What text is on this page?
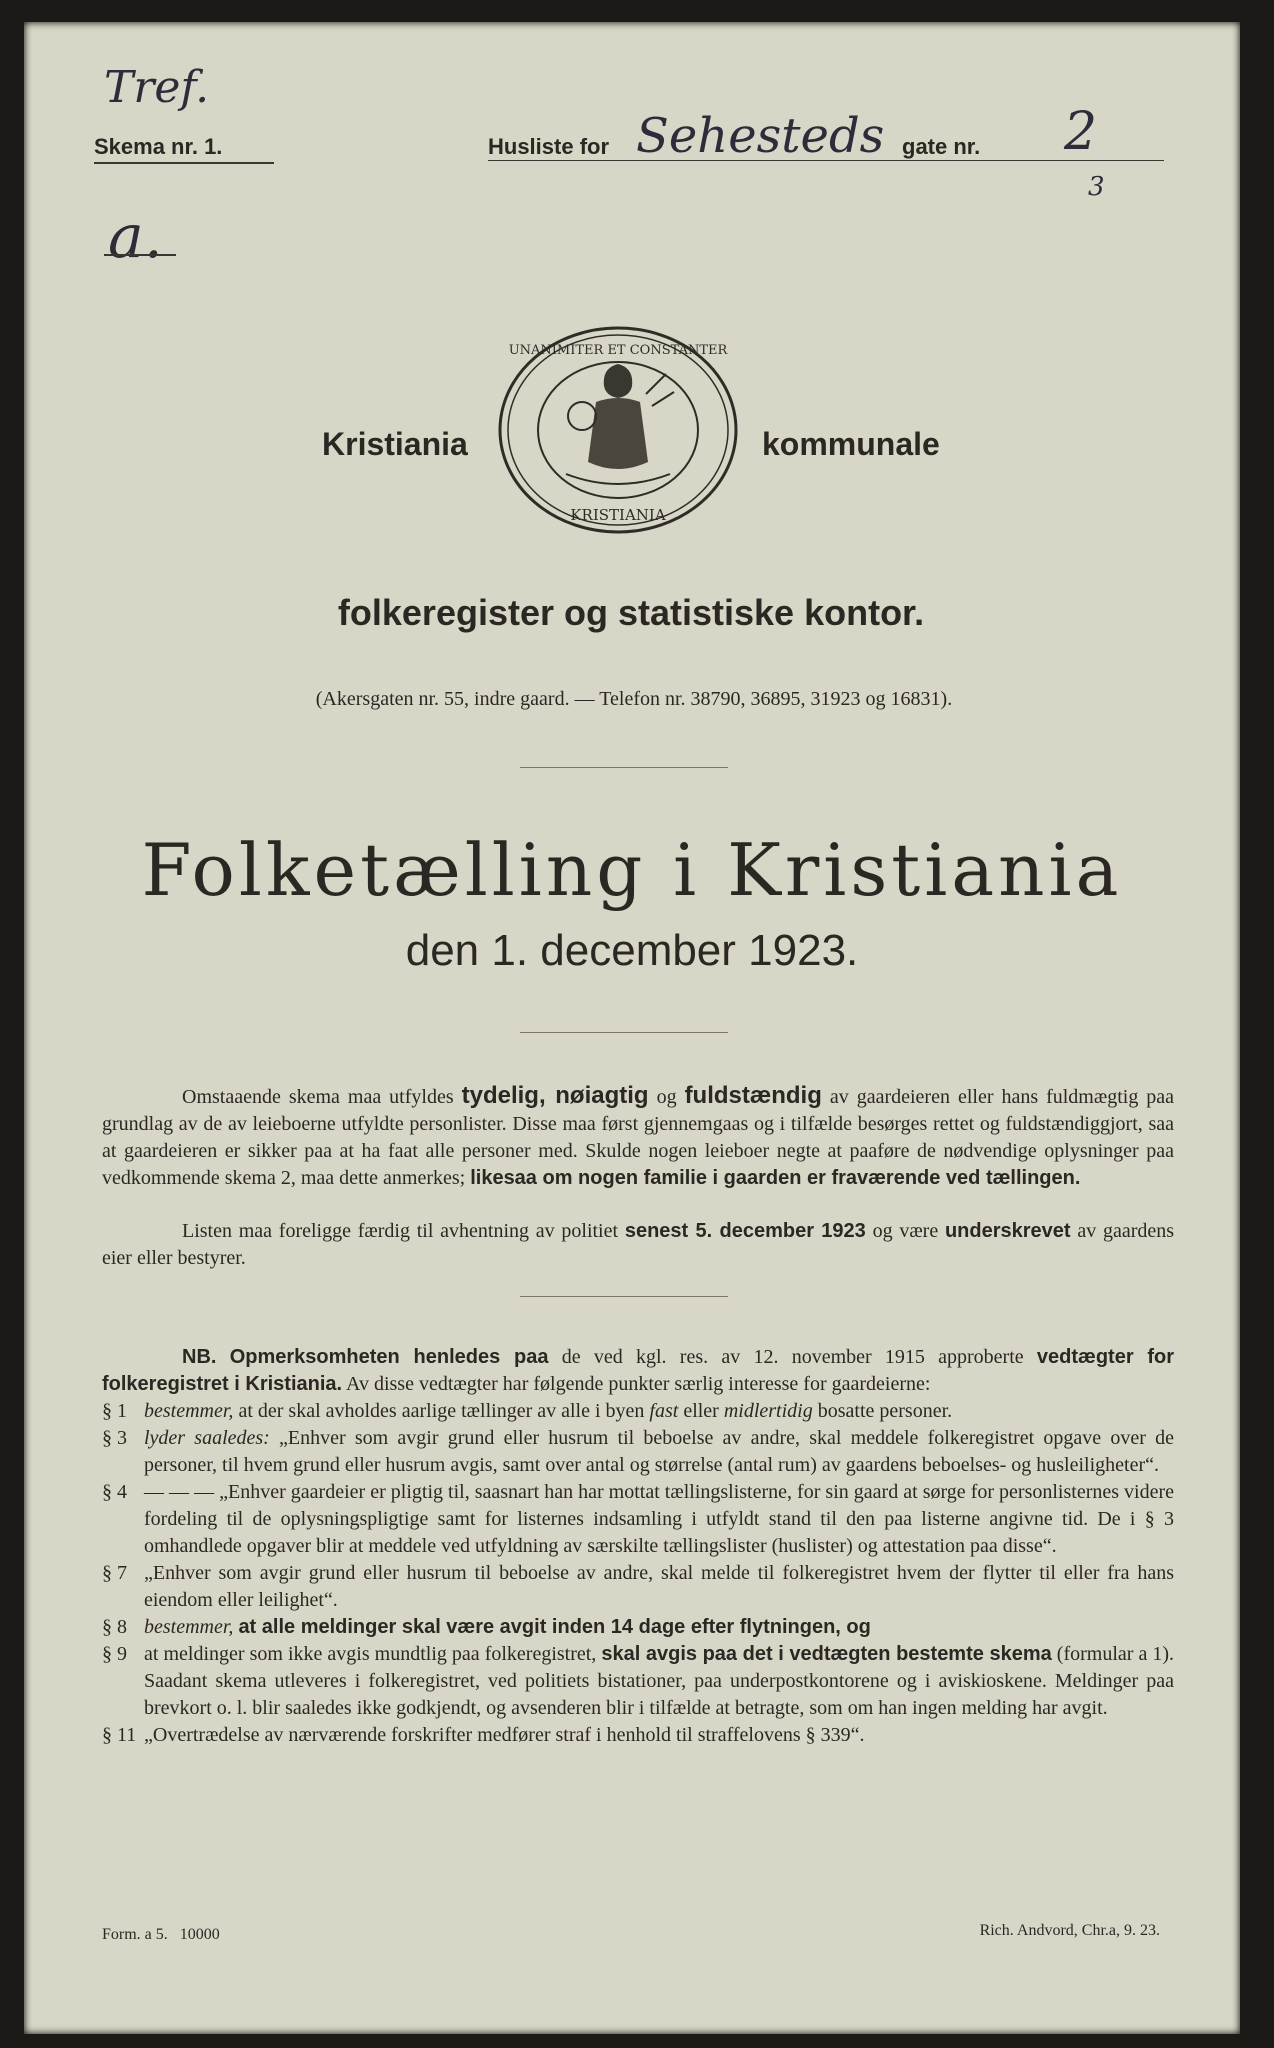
Tref.
a.
Skema nr. 1.	Husliste for Sehesteds gate nr. 2
3
Kristiania	kommunale
UNANIMITER ET CONSTANTER
KRISTIANIA
folkeregister og statistiske kontor.
(Akersgaten nr. 55, indre gaard. — Telefon nr. 38790, 36895, 31923 og 16831).
Folketælling i Kristiania
den 1. december 1923.
Omstaaende skema maa utfyldes tydelig, nøiagtig og fuldstændig av gaardeieren eller hans fuldmægtig paa grundlag av de av leieboerne utfyldte personlister. Disse maa først gjennemgaas og i tilfælde besørges rettet og fuldstændiggjort, saa at gaardeieren er sikker paa at ha faat alle personer med. Skulde nogen leieboer negte at paaføre de nødvendige oplysninger paa vedkommende skema 2, maa dette anmerkes; likesaa om nogen familie i gaarden er fraværende ved tællingen.
Listen maa foreligge færdig til avhentning av politiet senest 5. december 1923 og være underskrevet av gaardens eier eller bestyrer.
NB. Opmerksomheten henledes paa de ved kgl. res. av 12. november 1915 approberte vedtægter for folkeregistret i Kristiania. Av disse vedtægter har følgende punkter særlig interesse for gaardeierne:
§ 1 bestemmer, at der skal avholdes aarlige tællinger av alle i byen fast eller midlertidig bosatte personer.
§ 3 lyder saaledes: „Enhver som avgir grund eller husrum til beboelse av andre, skal meddele folkeregistret opgave over de personer, til hvem grund eller husrum avgis, samt over antal og størrelse (antal rum) av gaardens beboelses- og husleiligheter“.
§ 4 — — — „Enhver gaardeier er pligtig til, saasnart han har mottat tællingslisterne, for sin gaard at sørge for personlisternes videre fordeling til de oplysningspligtige samt for listernes indsamling i utfyldt stand til den paa listerne angivne tid. De i § 3 omhandlede opgaver blir at meddele ved utfyldning av særskilte tællingslister (huslister) og attestation paa disse“.
§ 7 „Enhver som avgir grund eller husrum til beboelse av andre, skal melde til folkeregistret hvem der flytter til eller fra hans eiendom eller leilighet“.
§ 8 bestemmer, at alle meldinger skal være avgit inden 14 dage efter flytningen, og
§ 9 at meldinger som ikke avgis mundtlig paa folkeregistret, skal avgis paa det i vedtægten bestemte skema (formular a 1). Saadant skema utleveres i folkeregistret, ved politiets bistationer, paa underpostkontorene og i aviskioskene. Meldinger paa brevkort o. l. blir saaledes ikke godkjendt, og avsenderen blir i tilfælde at betragte, som om han ingen melding har avgit.
§ 11 „Overtrædelse av nærværende forskrifter medfører straf i henhold til straffelovens § 339“.
Form. a 5.   10000	Rich. Andvord, Chr.a, 9. 23.
